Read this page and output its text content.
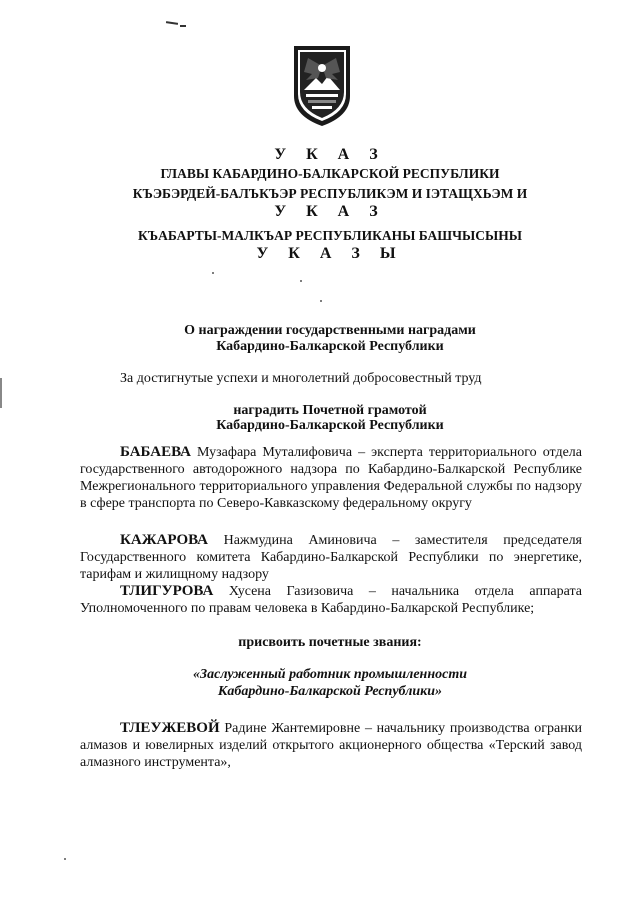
У К А З
ГЛАВЫ КАБАРДИНО-БАЛКАРСКОЙ РЕСПУБЛИКИ
КЪЭБЭРДЕЙ-БАЛЪКЪЭР РЕСПУБЛИКЭМ И ІЭТАЩХЬЭМ И
У К А З
КЪАБАРТЫ-МАЛКЪАР РЕСПУБЛИКАНЫ БАШЧЫСЫНЫ
У К А З Ы
О награждении государственными наградами
Кабардино-Балкарской Республики
За достигнутые успехи и многолетний добросовестный труд
наградить Почетной грамотой
Кабардино-Балкарской Республики
БАБАЕВА Музафара Муталифовича – эксперта территориального отдела государственного автодорожного надзора по Кабардино-Балкарской Республике Межрегионального территориального управления Федеральной службы по надзору в сфере транспорта по Северо-Кавказскому федеральному округу
КАЖАРОВА Нажмудина Аминовича – заместителя председателя Государственного комитета Кабардино-Балкарской Республики по энергетике, тарифам и жилищному надзору
ТЛИГУРОВА Хусена Газизовича – начальника отдела аппарата Уполномоченного по правам человека в Кабардино-Балкарской Республике;
присвоить почетные звания:
«Заслуженный работник промышленности
Кабардино-Балкарской Республики»
ТЛЕУЖЕВОЙ Радине Жантемировне – начальнику производства огранки алмазов и ювелирных изделий открытого акционерного общества «Терский завод алмазного инструмента»,
